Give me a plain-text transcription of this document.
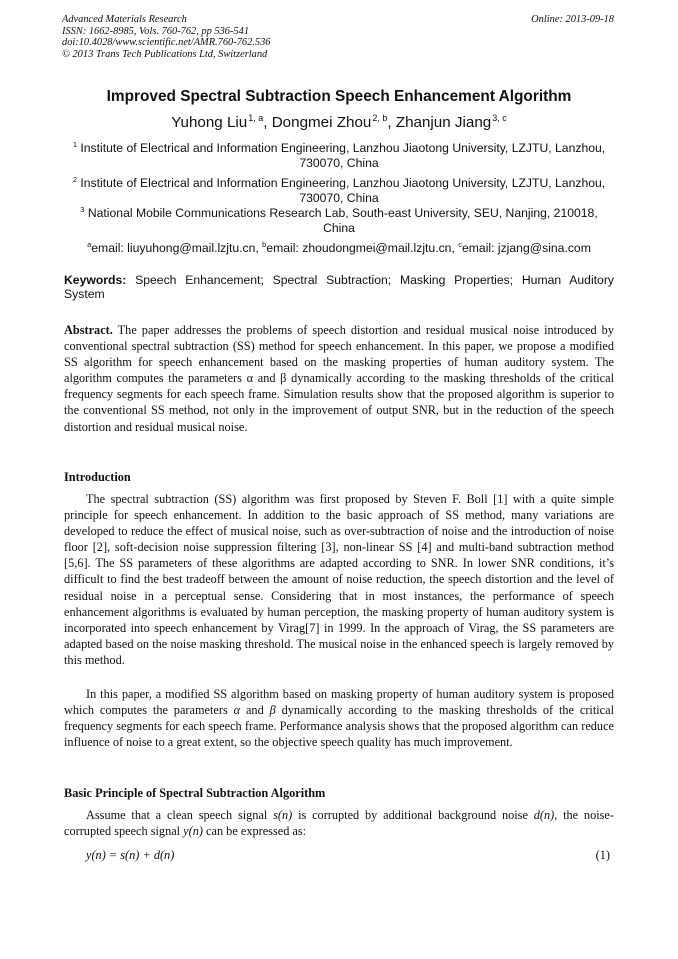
Advanced Materials Research
ISSN: 1662-8985, Vols. 760-762, pp 536-541
doi:10.4028/www.scientific.net/AMR.760-762.536
© 2013 Trans Tech Publications Ltd, Switzerland
Online: 2013-09-18
Improved Spectral Subtraction Speech Enhancement Algorithm
Yuhong Liu$^{1, a}$, Dongmei Zhou$^{2, b}$, Zhanjun Jiang$^{3, c}$
$^1$ Institute of Electrical and Information Engineering, Lanzhou Jiaotong University, LZJTU, Lanzhou,
730070, China
$^2$ Institute of Electrical and Information Engineering, Lanzhou Jiaotong University, LZJTU, Lanzhou,
730070, China
$^3$ National Mobile Communications Research Lab, South-east University, SEU, Nanjing, 210018,
China
$^a$email: liuyuhong@mail.lzjtu.cn, $^b$email: zhoudongmei@mail.lzjtu.cn, $^c$email: jzjang@sina.com
Keywords: Speech Enhancement; Spectral Subtraction; Masking Properties; Human Auditory System
Abstract. The paper addresses the problems of speech distortion and residual musical noise introduced by conventional spectral subtraction (SS) method for speech enhancement. In this paper, we propose a modified SS algorithm for speech enhancement based on the masking properties of human auditory system. The algorithm computes the parameters α and β dynamically according to the masking thresholds of the critical frequency segments for each speech frame. Simulation results show that the proposed algorithm is superior to the conventional SS method, not only in the improvement of output SNR, but in the reduction of the speech distortion and residual musical noise.
Introduction
The spectral subtraction (SS) algorithm was first proposed by Steven F. Boll [1] with a quite simple principle for speech enhancement. In addition to the basic approach of SS method, many variations are developed to reduce the effect of musical noise, such as over-subtraction of noise and the introduction of noise floor [2], soft-decision noise suppression filtering [3], non-linear SS [4] and multi-band subtraction method [5,6]. The SS parameters of these algorithms are adapted according to SNR. In lower SNR conditions, it’s difficult to find the best tradeoff between the amount of noise reduction, the speech distortion and the level of residual noise in a perceptual sense. Considering that in most instances, the performance of speech enhancement algorithms is evaluated by human perception, the masking property of human auditory system is incorporated into speech enhancement by Virag[7] in 1999. In the approach of Virag, the SS parameters are adapted based on the noise masking threshold. The musical noise in the enhanced speech is largely removed by this method.
In this paper, a modified SS algorithm based on masking property of human auditory system is proposed which computes the parameters α and β dynamically according to the masking thresholds of the critical frequency segments for each speech frame. Performance analysis shows that the proposed algorithm can reduce influence of noise to a great extent, so the objective speech quality has much improvement.
Basic Principle of Spectral Subtraction Algorithm
Assume that a clean speech signal s(n) is corrupted by additional background noise d(n), the noise-corrupted speech signal y(n) can be expressed as:
y(n) = s(n) + d(n)	(1)
